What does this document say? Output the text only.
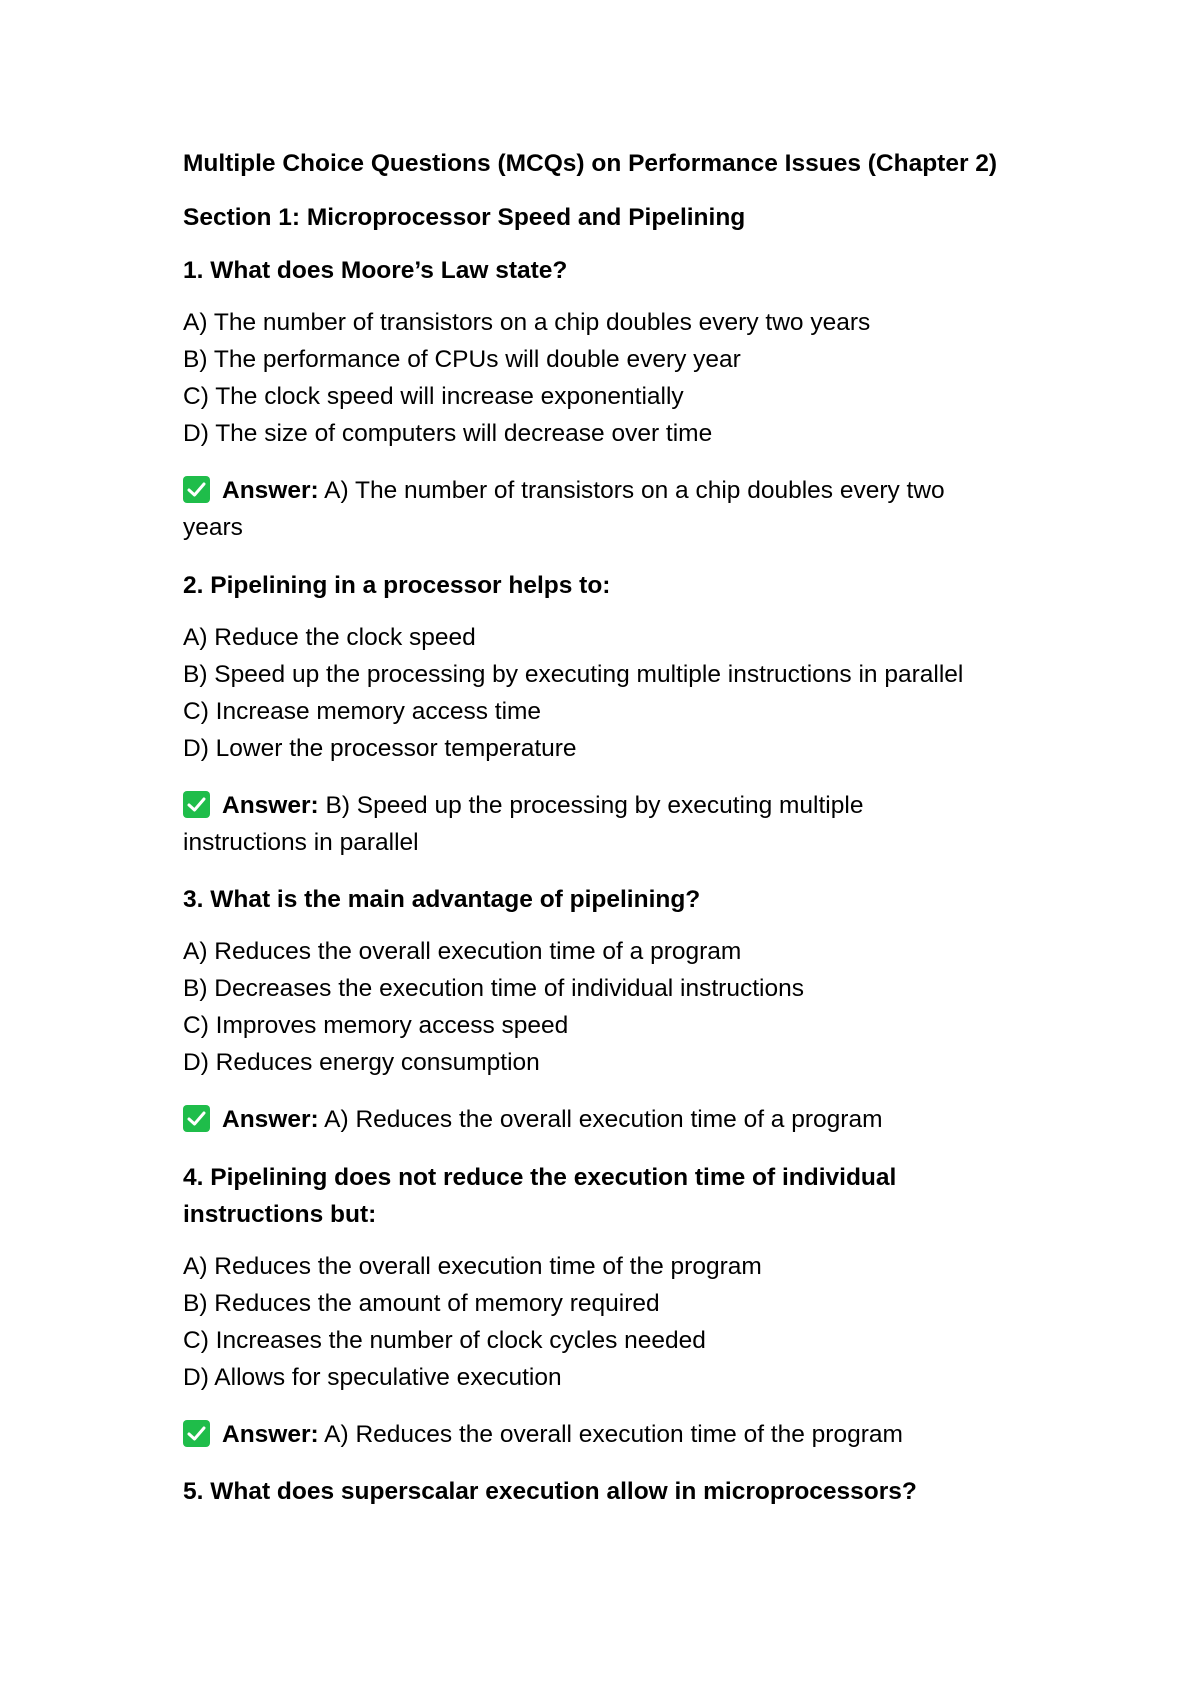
Multiple Choice Questions (MCQs) on Performance Issues (Chapter 2)

Section 1: Microprocessor Speed and Pipelining

1. What does Moore’s Law state?

A) The number of transistors on a chip doubles every two years

B) The performance of CPUs will double every year

C) The clock speed will increase exponentially

D) The size of computers will decrease over time

Answer: A) The number of transistors on a chip doubles every two

years

2. Pipelining in a processor helps to:

A) Reduce the clock speed

B) Speed up the processing by executing multiple instructions in parallel

C) Increase memory access time

D) Lower the processor temperature

Answer: B) Speed up the processing by executing multiple

instructions in parallel

3. What is the main advantage of pipelining?

A) Reduces the overall execution time of a program

B) Decreases the execution time of individual instructions

C) Improves memory access speed

D) Reduces energy consumption

Answer: A) Reduces the overall execution time of a program

4. Pipelining does not reduce the execution time of individual

instructions but:

A) Reduces the overall execution time of the program

B) Reduces the amount of memory required

C) Increases the number of clock cycles needed

D) Allows for speculative execution

Answer: A) Reduces the overall execution time of the program

5. What does superscalar execution allow in microprocessors?
